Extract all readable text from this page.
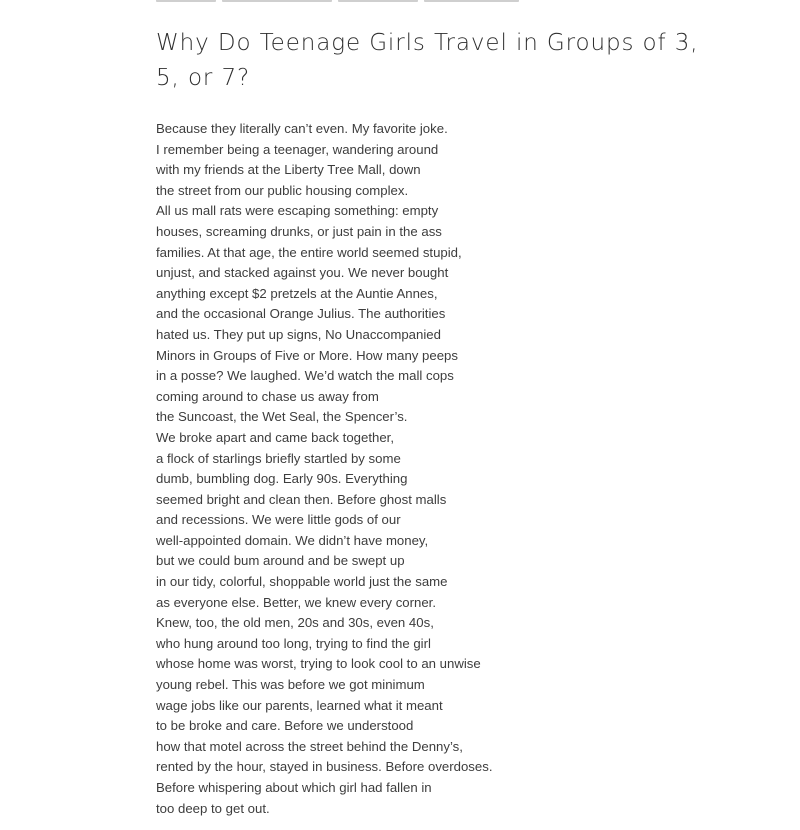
Why Do Teenage Girls Travel in Groups of 3, 5, or 7?
Because they literally can’t even. My favorite joke.
I remember being a teenager, wandering around
with my friends at the Liberty Tree Mall, down
the street from our public housing complex.
All us mall rats were escaping something: empty
houses, screaming drunks, or just pain in the ass
families. At that age, the entire world seemed stupid,
unjust, and stacked against you. We never bought
anything except $2 pretzels at the Auntie Annes,
and the occasional Orange Julius. The authorities
hated us. They put up signs, No Unaccompanied
Minors in Groups of Five or More. How many peeps
in a posse? We laughed. We’d watch the mall cops
coming around to chase us away from
the Suncoast, the Wet Seal, the Spencer’s.
We broke apart and came back together,
a flock of starlings briefly startled by some
dumb, bumbling dog. Early 90s. Everything
seemed bright and clean then. Before ghost malls
and recessions. We were little gods of our
well-appointed domain. We didn’t have money,
but we could bum around and be swept up
in our tidy, colorful, shoppable world just the same
as everyone else. Better, we knew every corner.
Knew, too, the old men, 20s and 30s, even 40s,
who hung around too long, trying to find the girl
whose home was worst, trying to look cool to an unwise
young rebel. This was before we got minimum
wage jobs like our parents, learned what it meant
to be broke and care. Before we understood
how that motel across the street behind the Denny’s,
rented by the hour, stayed in business. Before overdoses.
Before whispering about which girl had fallen in
too deep to get out.
